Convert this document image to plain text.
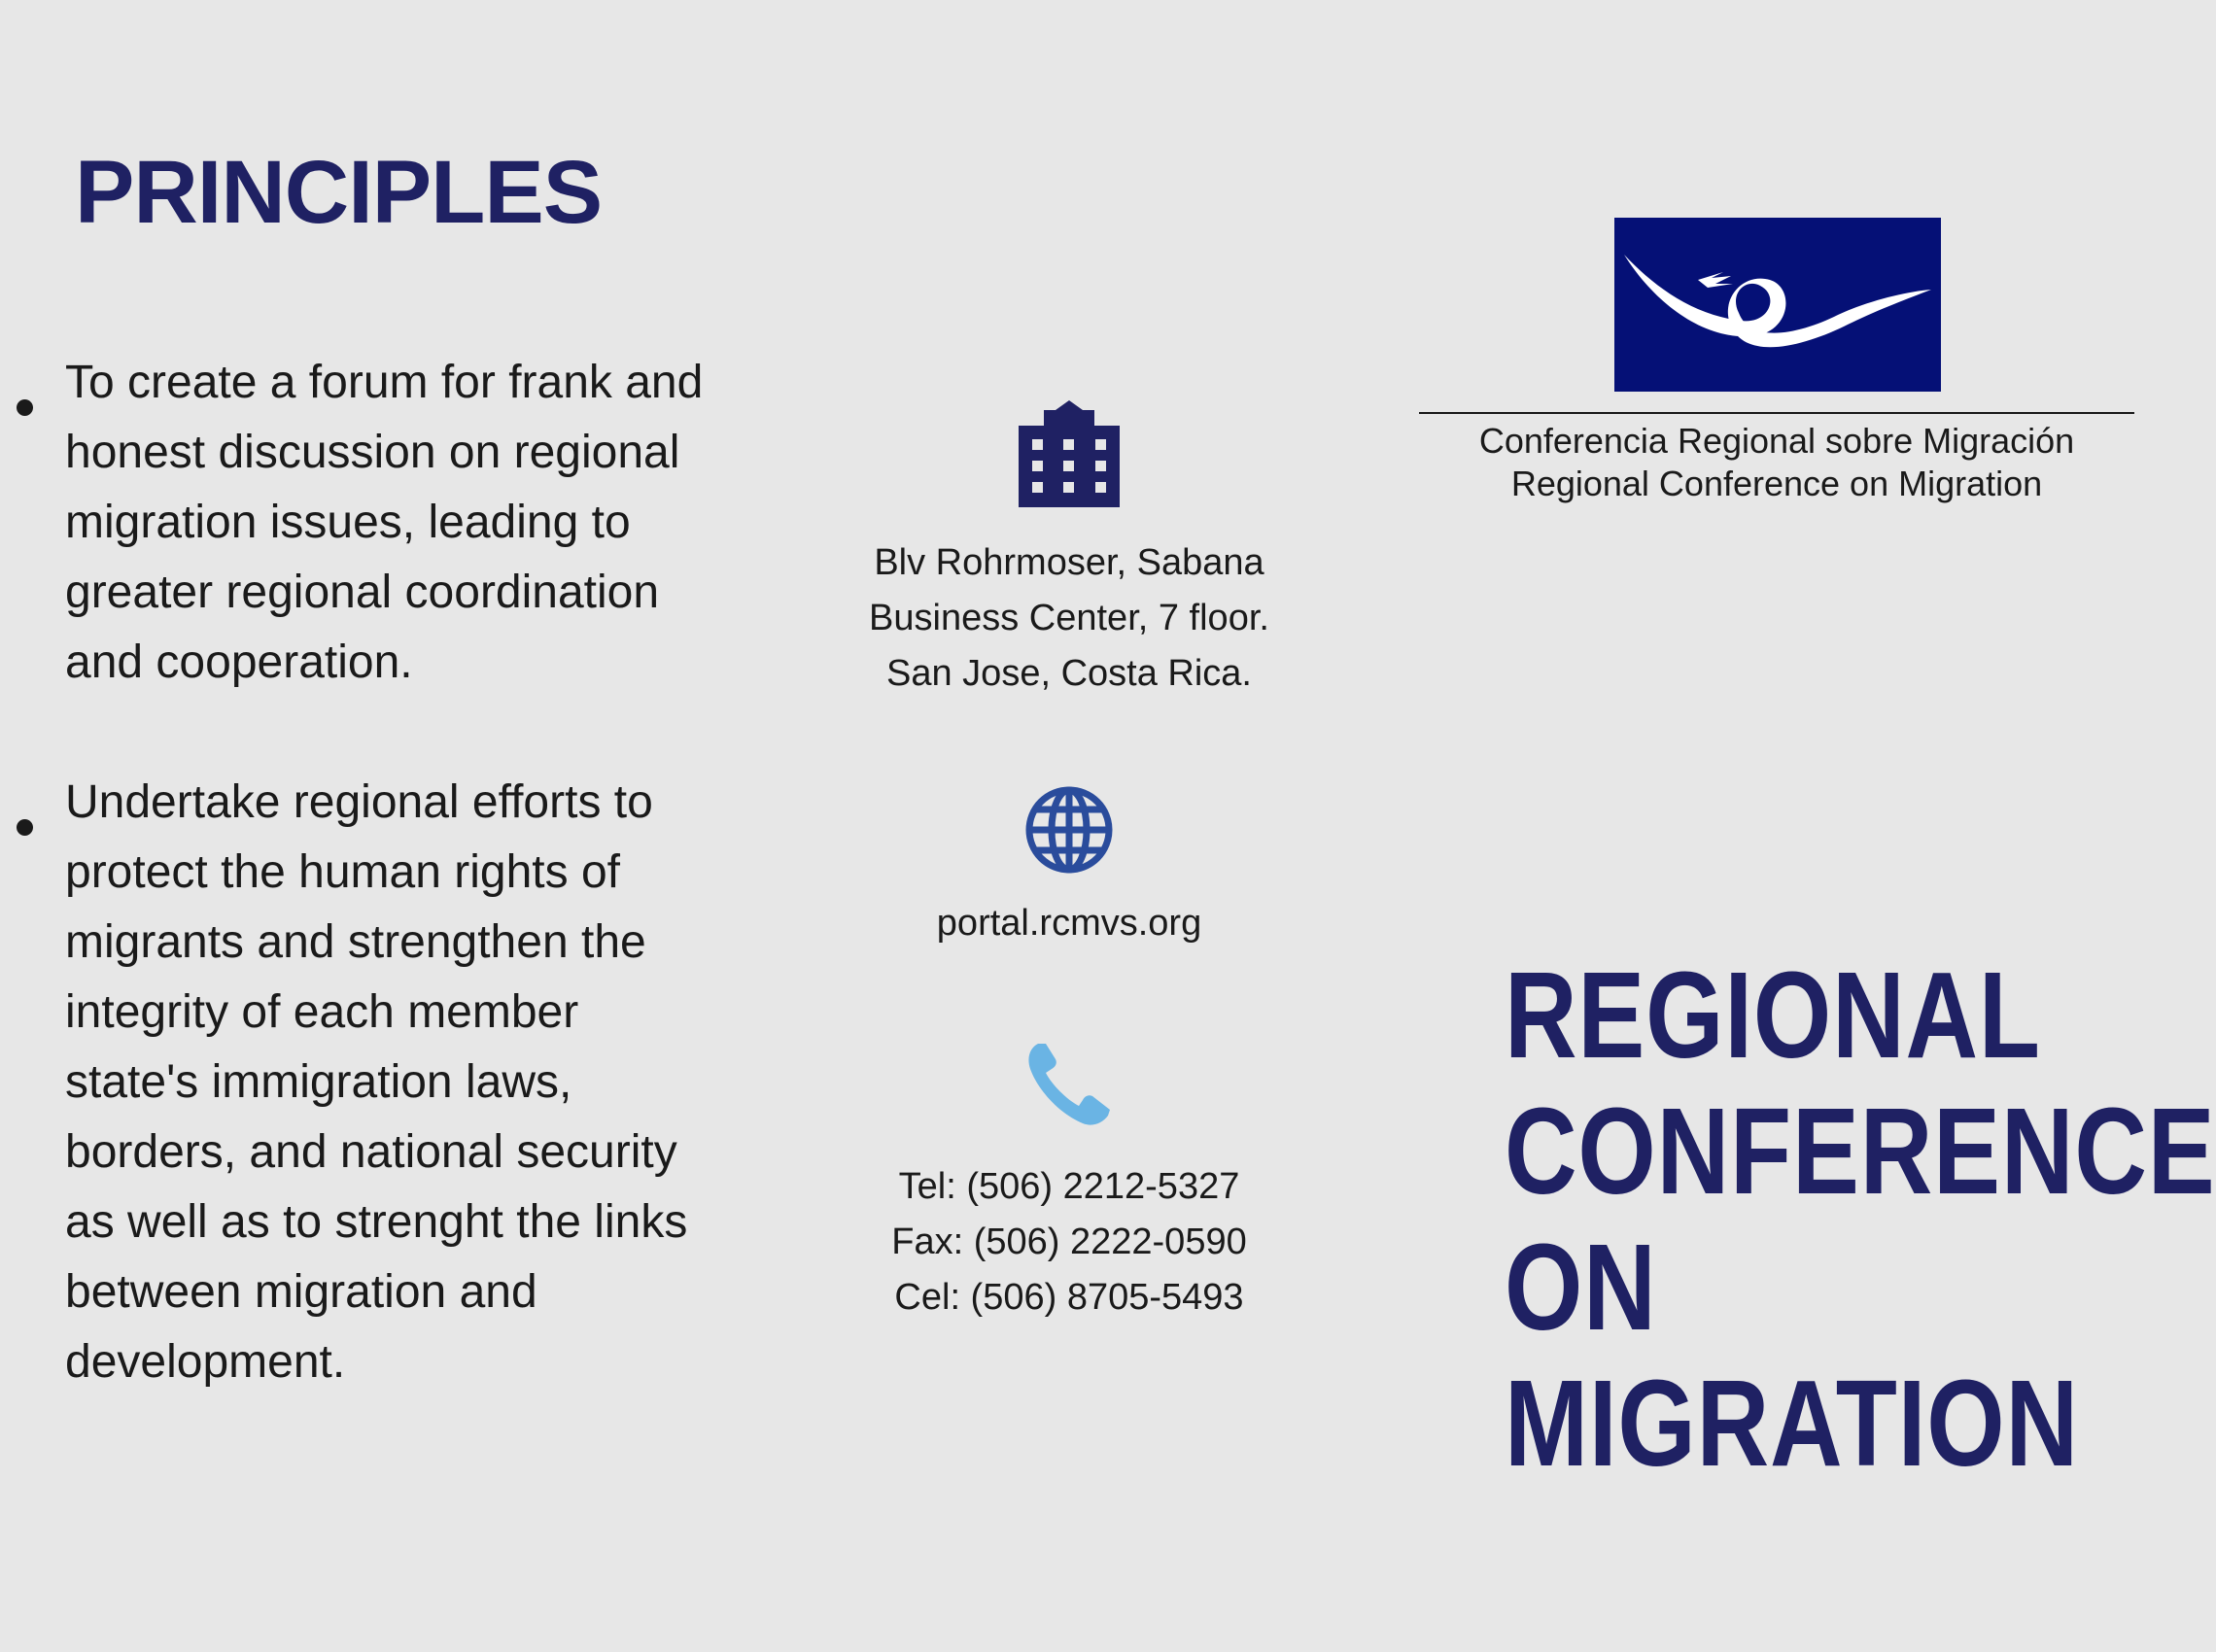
PRINCIPLES
To create a forum for frank and honest discussion on regional migration issues, leading to greater regional coordination and cooperation.
Undertake regional efforts to protect the human rights of migrants and strengthen the integrity of each member state's immigration laws, borders, and national security as well as to strenght the links between migration and development.
Blv Rohrmoser, Sabana
Business Center, 7 floor.
San Jose, Costa Rica.
portal.rcmvs.org
Tel: (506) 2212-5327
Fax: (506) 2222-0590
Cel: (506) 8705-5493
Conferencia Regional sobre Migración
Regional Conference on Migration
REGIONAL
CONFERENCE
ON
MIGRATION
